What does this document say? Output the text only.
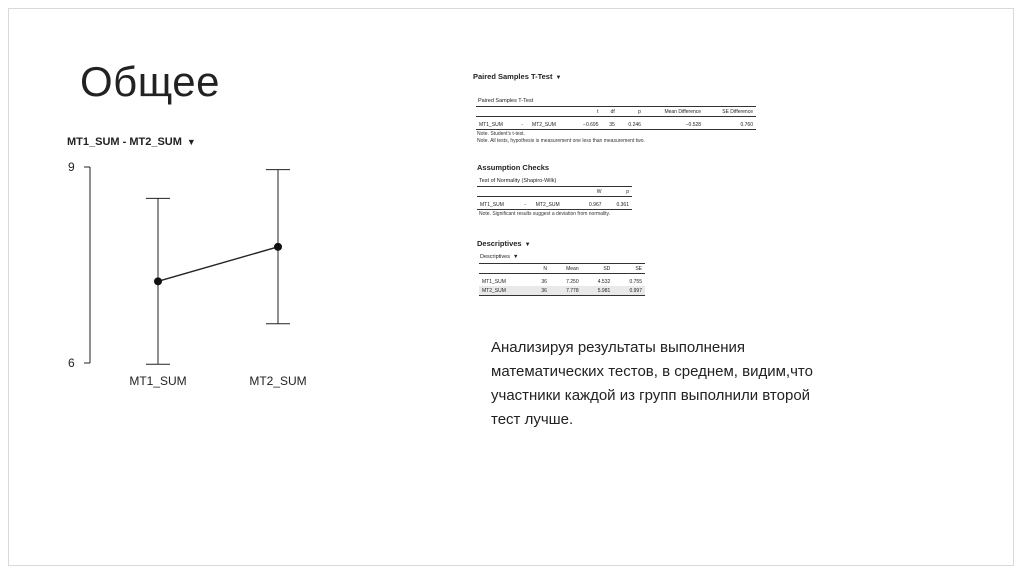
Общее
MT1_SUM - MT2_SUM ▼
9
6
MT1_SUM	MT2_SUM
Paired Samples T-Test ▼
Paired Samples T-Test
			t	df	p	Mean Difference	SE Difference
MT1_SUM	-	MT2_SUM	−0.695	35	0.246	−0.528	0.760
Note. Student's t-test.
Note. All tests, hypothesis is measurement one less than measurement two.
Assumption Checks
Test of Normality (Shapiro-Wilk)
			W	p
MT1_SUM	-	MT2_SUM	0.967	0.361
Note. Significant results suggest a deviation from normality.
Descriptives ▼
Descriptives ▼
	N	Mean	SD	SE
MT1_SUM	36	7.250	4.532	0.755
MT2_SUM	36	7.778	5.981	0.997

Анализируя результаты выполнения
математических тестов, в среднем, видим,что
участники каждой из групп выполнили второй
тест лучше.
